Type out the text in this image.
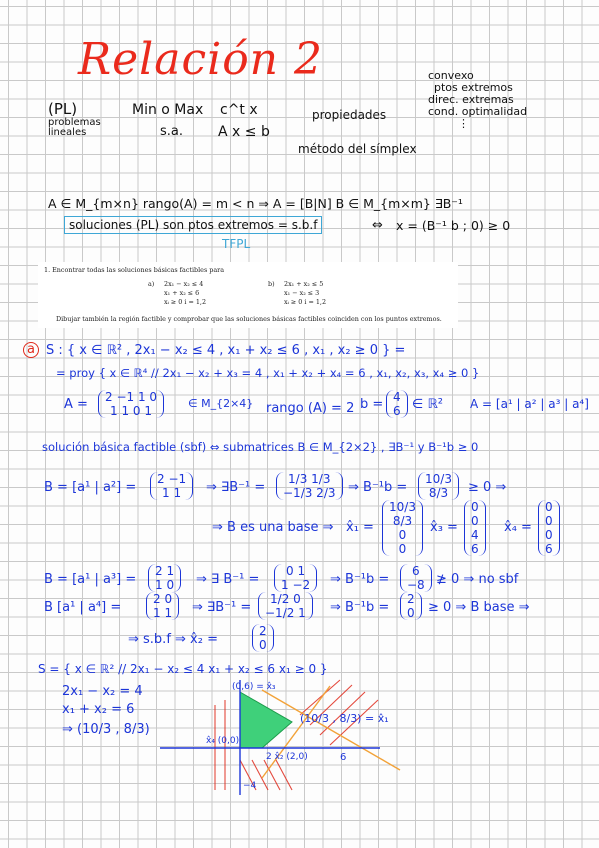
Relación 2
(PL)
problemas lineales
Min o Max c^t x
s.a. A x ≤ b
propiedades
método del símplex
convexo
ptos extremos
direc. extremas
cond. optimalidad
⋮
A ∈ M_{m×n} rango(A) = m < n ⇒ A = [B|N] B ∈ M_{m×m} ∃B⁻¹
soluciones (PL) son ptos extremos = s.b.f	⇔ x = (B⁻¹ b ; 0) ≥ 0
TFPL
1. Encontrar todas las soluciones básicas factibles para
a) 2x₁ − x₂ ≤ 4
x₁ + x₂ ≤ 6
xᵢ ≥ 0 i = 1,2
b) 2x₁ + x₂ ≤ 5
x₁ − x₂ ≤ 3
xᵢ ≥ 0 i = 1,2
Dibujar también la región factible y comprobar que las soluciones básicas factibles coinciden con los puntos extremos.
a S : { x ∈ ℝ² , 2x₁ − x₂ ≤ 4 , x₁ + x₂ ≤ 6 , x₁ , x₂ ≥ 0 } =
= proy { x ∈ ℝ⁴ // 2x₁ − x₂ + x₃ = 4 , x₁ + x₂ + x₄ = 6 , x₁, x₂, x₃, x₄ ≥ 0 }
A = 2 −1 1 0
1 1 0 1
∈ M_{2×4} rango (A) = 2 b = 4
6 ∈ ℝ² A = [a¹ | a² | a³ | a⁴]
solución básica factible (sbf) ⇔ submatrices B ∈ M_{2×2} , ∃B⁻¹ y B⁻¹b ≥ 0
B = [a¹ | a²] =
2 −1
1 1	⇒ ∃B⁻¹ =
1/3 1/3
−1/3 2/3 ⇒ B⁻¹b =
10/3
8/3 ≥ 0 ⇒
⇒ B es una base ⇒ x̂₁ =
10/3
8/3
0
0
x̂₃ =
0
0
4
6
x̂₄ =
0
0
0
6
B = [a¹ | a³] =
2 1
1 0 ⇒ ∃ B⁻¹ =
0 1
1 −2 ⇒ B⁻¹b =
6
−8 ≱ 0 ⇒ no sbf
B [a¹ | a⁴] =
2 0
1 1 ⇒ ∃B⁻¹ =
1/2 0
−1/2 1 ⇒ B⁻¹b =
2
0 ≥ 0 ⇒ B base ⇒
⇒ s.b.f ⇒ x̂₂ =
2
0
S = { x ∈ ℝ² // 2x₁ − x₂ ≤ 4 x₁ + x₂ ≤ 6 x₁ ≥ 0 }
2x₁ − x₂ = 4
x₁ + x₂ = 6
⇒ (10/3 , 8/3)
(0,6) = x̂₃
(10/3 , 8/3) = x̂₁
x̂₄ (0,0)
2 x̂₂ (2,0)	6
−4
